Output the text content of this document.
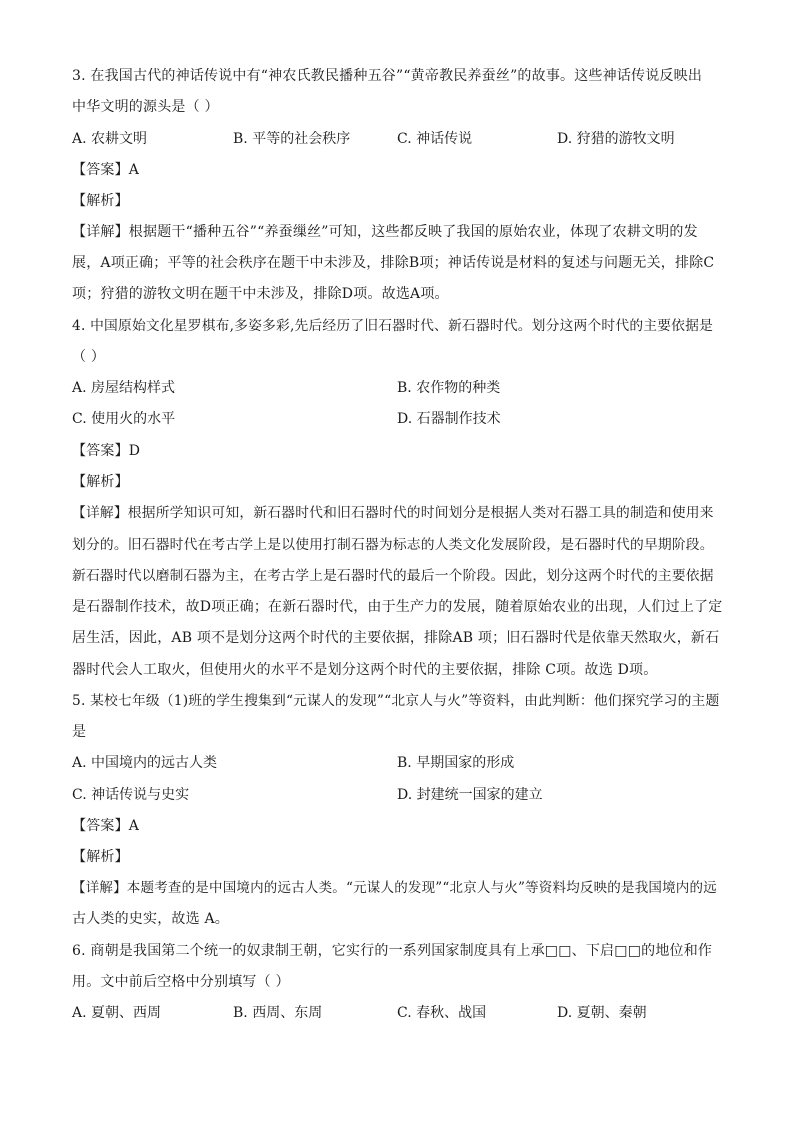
3. 在我国古代的神话传说中有“神农氏教民播种五谷”“黄帝教民养蚕丝”的故事。这些神话传说反映出
中华文明的源头是（ ）
A. 农耕文明	B. 平等的社会秩序	C. 神话传说	D. 狩猎的游牧文明
【答案】A
【解析】
【详解】根据题干“播种五谷”“养蚕缫丝”可知，这些都反映了我国的原始农业，体现了农耕文明的发
展，A项正确；平等的社会秩序在题干中未涉及，排除B项；神话传说是材料的复述与问题无关，排除C
项；狩猎的游牧文明在题干中未涉及，排除D项。故选A项。
4. 中国原始文化星罗棋布,多姿多彩,先后经历了旧石器时代、新石器时代。划分这两个时代的主要依据是
（ ）
A. 房屋结构样式	B. 农作物的种类
C. 使用火的水平	D. 石器制作技术
【答案】D
【解析】
【详解】根据所学知识可知，新石器时代和旧石器时代的时间划分是根据人类对石器工具的制造和使用来
划分的。旧石器时代在考古学上是以使用打制石器为标志的人类文化发展阶段，是石器时代的早期阶段。
新石器时代以磨制石器为主，在考古学上是石器时代的最后一个阶段。因此，划分这两个时代的主要依据
是石器制作技术，故D项正确；在新石器时代，由于生产力的发展，随着原始农业的出现，人们过上了定
居生活，因此，AB 项不是划分这两个时代的主要依据，排除AB 项；旧石器时代是依靠天然取火，新石
器时代会人工取火，但使用火的水平不是划分这两个时代的主要依据，排除 C项。故选 D项。
5. 某校七年级（1)班的学生搜集到“元谋人的发现”“北京人与火”等资料，由此判断：他们探究学习的主题
是
A. 中国境内的远古人类	B. 早期国家的形成
C. 神话传说与史实	D. 封建统一国家的建立
【答案】A
【解析】
【详解】本题考查的是中国境内的远古人类。“元谋人的发现”“北京人与火”等资料均反映的是我国境内的远
古人类的史实，故选 A。
6. 商朝是我国第二个统一的奴隶制王朝，它实行的一系列国家制度具有上承□□、下启□□的地位和作
用。文中前后空格中分别填写（ ）
A. 夏朝、西周	B. 西周、东周	C. 春秋、战国	D. 夏朝、秦朝
